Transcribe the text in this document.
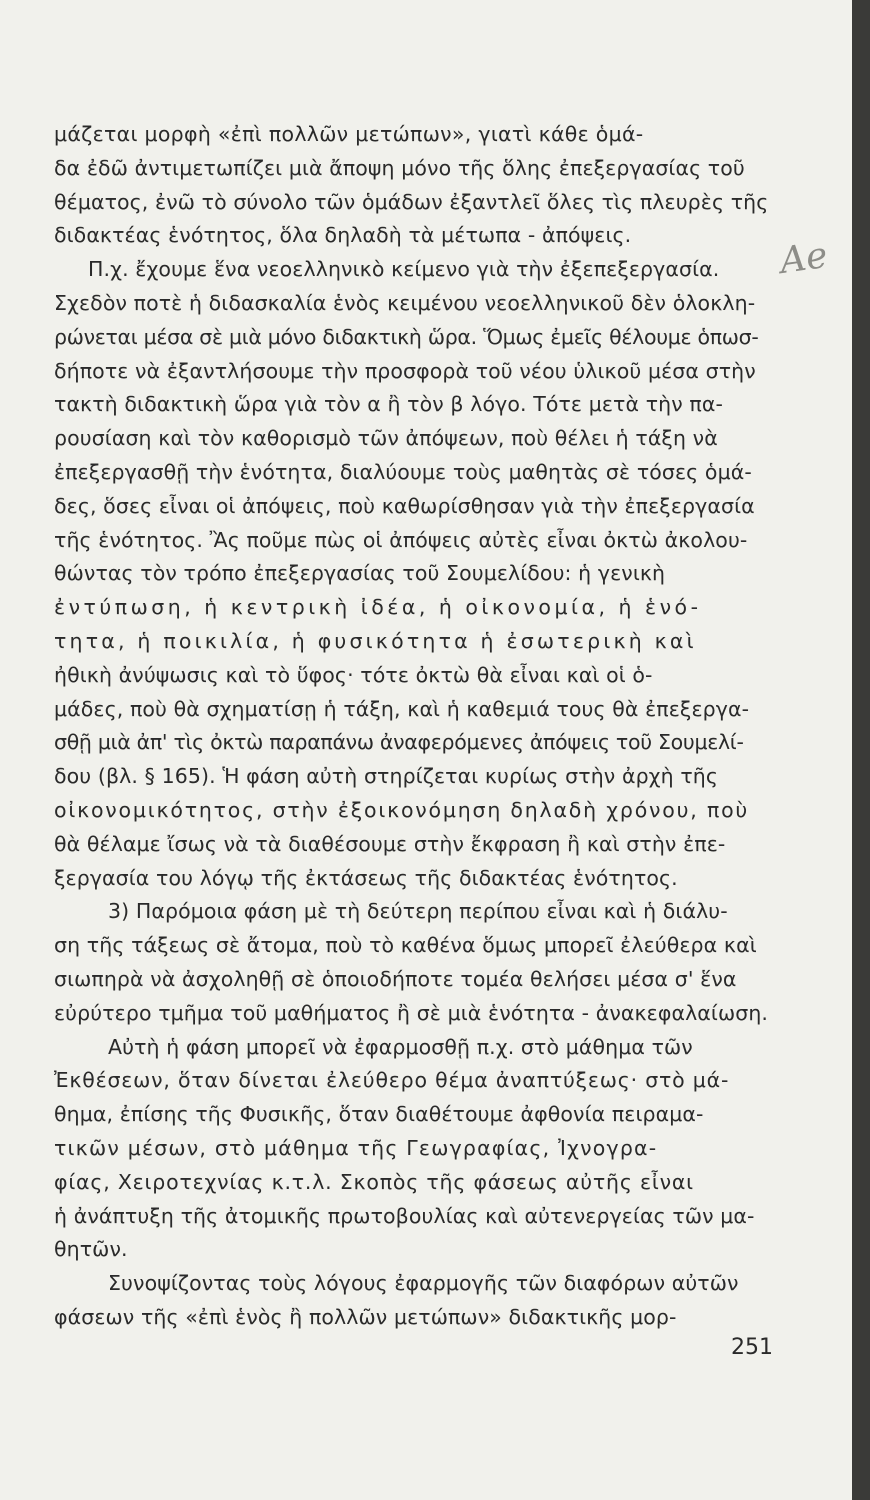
μάζεται μορφὴ «ἐπὶ πολλῶν μετώπων», γιατὶ κάθε ὁμά-
δα ἐδῶ ἀντιμετωπίζει μιὰ ἄποψη μόνο τῆς ὅλης ἐπεξεργασίας τοῦ
θέματος, ἐνῶ τὸ σύνολο τῶν ὁμάδων ἐξαντλεῖ ὅλες τὶς πλευρὲς τῆς
διδακτέας ἑνότητος, ὅλα δηλαδὴ τὰ μέτωπα - ἀπόψεις.
Π.χ. ἔχουμε ἕνα νεοελληνικὸ κείμενο γιὰ τὴν ἐξεπεξεργασία.
Σχεδὸν ποτὲ ἡ διδασκαλία ἑνὸς κειμένου νεοελληνικοῦ δὲν ὁλοκλη-
ρώνεται μέσα σὲ μιὰ μόνο διδακτικὴ ὥρα. Ὅμως ἐμεῖς θέλουμε ὁπωσ-
δήποτε νὰ ἐξαντλήσουμε τὴν προσφορὰ τοῦ νέου ὑλικοῦ μέσα στὴν
τακτὴ διδακτικὴ ὥρα γιὰ τὸν α ἢ τὸν β λόγο. Τότε μετὰ τὴν πα-
ρουσίαση καὶ τὸν καθορισμὸ τῶν ἀπόψεων, ποὺ θέλει ἡ τάξη νὰ
ἐπεξεργασθῇ τὴν ἑνότητα, διαλύουμε τοὺς μαθητὰς σὲ τόσες ὁμά-
δες, ὅσες εἶναι οἱ ἀπόψεις, ποὺ καθωρίσθησαν γιὰ τὴν ἐπεξεργασία
τῆς ἑνότητος. Ἂς ποῦμε πὼς οἱ ἀπόψεις αὐτὲς εἶναι ὀκτὼ ἀκολου-
θώντας τὸν τρόπο ἐπεξεργασίας τοῦ Σουμελίδου: ἡ γενικὴ
ἐντύπωση, ἡ κεντρικὴ ἰδέα, ἡ οἰκονομία, ἡ ἑνό-
τητα, ἡ ποικιλία, ἡ φυσικότητα ἡ ἐσωτερικὴ καὶ
ἠθικὴ ἀνύψωσις καὶ τὸ ὕφος· τότε ὀκτὼ θὰ εἶναι καὶ οἱ ὁ-
μάδες, ποὺ θὰ σχηματίσῃ ἡ τάξη, καὶ ἡ καθεμιά τους θὰ ἐπεξεργα-
σθῇ μιὰ ἀπ' τὶς ὀκτὼ παραπάνω ἀναφερόμενες ἀπόψεις τοῦ Σουμελί-
δου (βλ. § 165). Ἡ φάση αὐτὴ στηρίζεται κυρίως στὴν ἀρχὴ τῆς
οἰκονομικότητος, στὴν ἐξοικονόμηση δηλαδὴ χρόνου, ποὺ
θὰ θέλαμε ἴσως νὰ τὰ διαθέσουμε στὴν ἔκφραση ἢ καὶ στὴν ἐπε-
ξεργασία του λόγῳ τῆς ἐκτάσεως τῆς διδακτέας ἑνότητος.
3) Παρόμοια φάση μὲ τὴ δεύτερη περίπου εἶναι καὶ ἡ διάλυ-
ση τῆς τάξεως σὲ ἄτομα, ποὺ τὸ καθένα ὅμως μπορεῖ ἐλεύθερα καὶ
σιωπηρὰ νὰ ἀσχοληθῇ σὲ ὁποιοδήποτε τομέα θελήσει μέσα σ' ἕνα
εὐρύτερο τμῆμα τοῦ μαθήματος ἢ σὲ μιὰ ἑνότητα - ἀνακεφαλαίωση.
Αὐτὴ ἡ φάση μπορεῖ νὰ ἐφαρμοσθῇ π.χ. στὸ μάθημα τῶν
Ἐκθέσεων, ὅταν δίνεται ἐλεύθερο θέμα ἀναπτύξεως· στὸ μά-
θημα, ἐπίσης τῆς Φυσικῆς, ὅταν διαθέτουμε ἀφθονία πειραμα-
τικῶν μέσων, στὸ μάθημα τῆς Γεωγραφίας, Ἰχνογρα-
φίας, Χειροτεχνίας κ.τ.λ. Σκοπὸς τῆς φάσεως αὐτῆς εἶναι
ἡ ἀνάπτυξη τῆς ἀτομικῆς πρωτοβουλίας καὶ αὐτενεργείας τῶν μα-
θητῶν.
Συνοψίζοντας τοὺς λόγους ἐφαρμογῆς τῶν διαφόρων αὐτῶν
φάσεων τῆς «ἐπὶ ἑνὸς ἢ πολλῶν μετώπων» διδακτικῆς μορ-
Ae
251
